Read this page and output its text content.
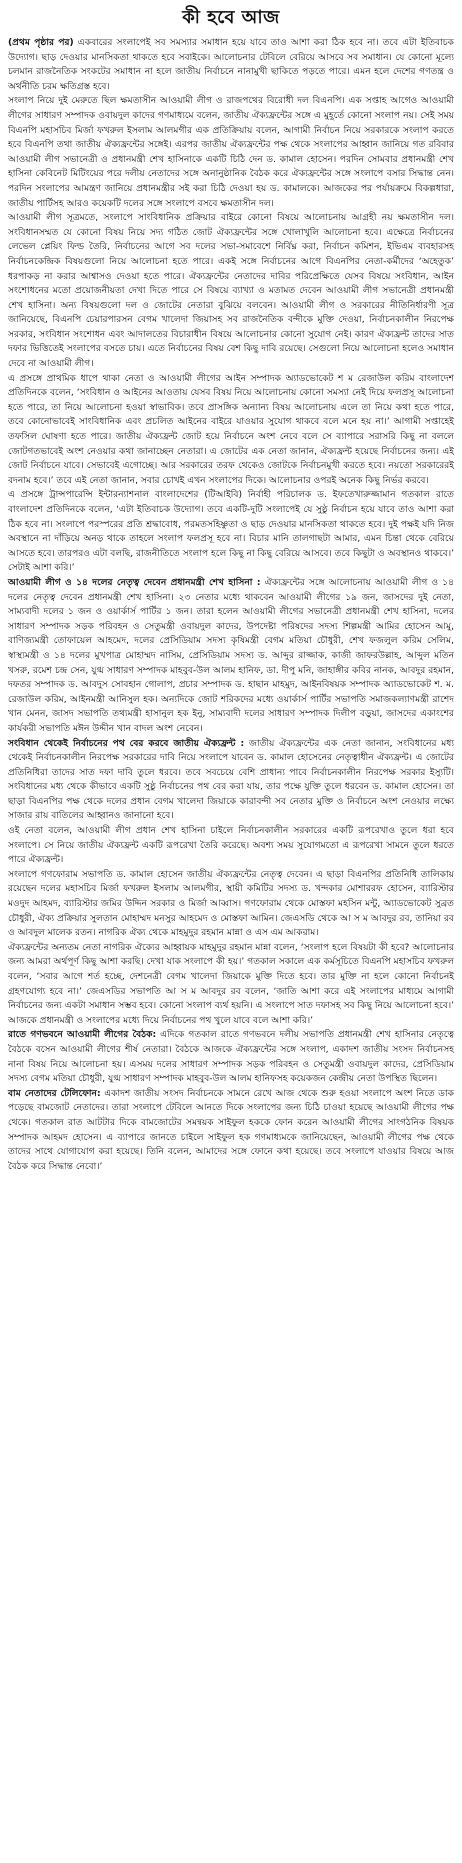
কী হবে আজ

(প্রথম পৃষ্ঠার পর) একবারের সংলাপেই সব সমস্যার সমাধান হয়ে যাবে তাও আশা করা ঠিক হবে না। তবে এটা ইতিবাচক উদ্যোগ। ছাড় দেওয়ার মানসিকতা থাকতে হবে সবাইকে। আলোচনার টেবিলে বেরিয়ে আসবে সব সমাধান। যে কোনো মূল্যে চলমান রাজনৈতিক সংকটের সমাধান না হলে জাতীয় নির্বাচনে নানামুখী ছাকিতে পড়তে পারে। এমন হলে দেশের গণতন্ত্র ও অর্থনীতি চরম ক্ষতিগ্রস্ত হবে।

সংলাপ নিয়ে দুই মেরুতে ছিল ক্ষমতাসীন আওয়ামী লীগ ও রাজপথের বিরোধী দল বিএনপি। এক সপ্তাহ আগেও আওয়ামী লীগের সাধারণ সম্পাদক ওবায়দুল কাদের গণমাধ্যমে বলেন, জাতীয় ঐক্যফ্রন্টের সঙ্গে এ মুহূর্তে কোনো সংলাপ নয়। সেই সময় বিএনপি মহাসচিব মির্জা ফখরুল ইসলাম আলমগীর এক প্রতিক্রিয়ায় বলেন, আগামী নির্বাচন নিয়ে সরকারকে সংলাপ করতে হবে বিএনপি তথা জাতীয় ঐক্যফ্রন্টের সঙ্গেই। এরপর জাতীয় ঐক্যফ্রন্টের পক্ষ থেকে সংলাপের আহ্বান জানিয়ে গত রবিবার আওয়ামী লীগ সভানেত্রী ও প্রধানমন্ত্রী শেখ হাসিনাকে একটি চিঠি দেন ড. কামাল হোসেন। পরদিন সোমবার প্রধানমন্ত্রী শেখ হাসিনা কেবিনেট মিটিংয়ের পরে দলীয় নেতাদের সঙ্গে অনানুষ্ঠানিক বৈঠক করে ঐক্যফ্রন্টের সঙ্গে সংলাপে বসার সিদ্ধান্ত নেন। পরদিন সংলাপের আমন্ত্রণ জানিয়ে প্রধানমন্ত্রীর সই করা চিঠি দেওয়া হয় ড. কামালকে। আজকের পর পর্যায়ক্রমে বিকল্পধারা, জাতীয় পার্টিসহ আরও কয়েকটি দলের সঙ্গে সংলাপে বসবে ক্ষমতাসীন দল।

আওয়ামী লীগ সূত্রমতে, সংলাপে সাংবিধানিক প্রক্রিয়ার বাইরে কোনো বিষয়ে আলোচনায় আগ্রহী নয় ক্ষমতাসীন দল। সংবিধানসম্মত যে কোনো বিষয় নিয়ে সদ্য গঠিত জোট ঐক্যফ্রন্টের সঙ্গে খোলাখুলি আলোচনা হবে। এক্ষেত্রে নির্বাচনের লেভেল প্লেয়িং ফিল্ড তৈরি, নির্বাচনের আগে সব দলের সভা-সমাবেশে নির্বিঘ্ন করা, নির্বাচন কমিশন, ইভিএম ব্যবহারসহ নির্বাচনকেন্দ্রিক বিষয়গুলো নিয়ে আলোচনা হতে পারে। একই সঙ্গে নির্বাচনের আগে বিএনপির নেতা-কর্মীদের ‘অহেতুক’ ধরপাকড় না করার আশ্বাসও দেওয়া হতে পারে। ঐক্যফ্রন্টের নেতাদের দাবির পরিপ্রেক্ষিতে যেসব বিষয়ে সংবিধান, আইন সংশোধনের মতো প্রয়োজনীয়তা দেখা দিতে পারে সে বিষয়ে ব্যাখ্যা ও মতামত দেবেন আওয়ামী লীগ সভানেত্রী প্রধানমন্ত্রী শেখ হাসিনা। অন্য বিষয়গুলো দল ও জোটের নেতারা বুঝিয়ে বলবেন। আওয়ামী লীগ ও সরকারের নীতিনির্ধারণী সূত্র জানিয়েছে, বিএনপি চেয়ারপারসন বেগম খালেদা জিয়াসহ সব রাজনৈতিক বন্দীকে মুক্তি দেওয়া, নির্বাচনকালীন নিরপেক্ষ সরকার, সংবিধান সংশোধন এবং আদালতের বিচারাধীন বিষয়ে আলোচনার কোনো সুযোগ নেই। কারণ ঐক্যফ্রন্ট তাদের সাত দফার ভিত্তিতেই সংলাপের বসতে চায়। এতে নির্বাচনের বিষয় বেশ কিছু দাবি রয়েছে। সেগুলো নিয়ে আলোচনা হলেও সমাধান দেবে না আওয়ামী লীগ।

এ প্রসঙ্গে প্রাথমিক ধাপে থাকা নেতা ও আওয়ামী লীগের আইন সম্পাদক অ্যাডভোকেট শ ম রেজাউল করিম বাংলাদেশ প্রতিদিনকে বলেন, ‘সংবিধান ও আইনের আওতায় যেসব বিষয় নিয়ে আলোচনায় কোনো সমস্যা নেই দিয়ে ফলপ্রসূ আলোচনা হতে পারে, তা নিয়ে আলোচনা হওয়া স্বাভাবিক। তবে প্রাসঙ্গিক অন্যান্য বিষয় আলোচনায় এলে তা নিয়ে কথা হতে পারে, তবে কোনোভাবেই সাংবিধানিক এবং প্রচলিত আইনের বাইরে যাওয়ার সুযোগ থাকবে বলে মনে হয় না।’ আগামী সপ্তাহেই তফসিল ঘোষণা হতে পারে। জাতীয় ঐক্যফ্রন্ট জোট হয়ে নির্বাচনে অংশ নেবে বলে সে ব্যাপারে সরাসরি কিছু না বললে জোটগতভাবেই অংশ নেওয়ার কথা জানাচ্ছেন নেতারা। এ জোটের এক নেতা জানান, ঐক্যফ্রন্ট হয়েছে নির্বাচনের জন্য। এই জোট নির্বাচনে যাবে। সেভাবেই এগোচ্ছে। আর সরকারের তরফ থেকেও জোটকে নির্বাচনমুখী করতে হবে। নয়তো সরকারেরই বদনাম হবে।’ তবে এই নেতা জানান, সবার চোখই এখন সংলাপের দিকে। আলোচনার ওপরই অনেক কিছু নির্ভর করবে।

এ প্রসঙ্গে ট্রান্সপারেন্সি ইন্টারন্যাশনাল বাংলাদেশের (টিআইবি) নির্বাহী পরিচালক ড. ইফতেখারুজ্জামান গতকাল রাতে বাংলাদেশ প্রতিদিনকে বলেন, ‘এটা ইতিবাচক উদ্যোগ। তবে একটি-দুটি সংলাপেই যে সুষ্ঠু নির্বাচন হয়ে যাবে তাও আশা করা ঠিক হবে না। সংলাপে পরস্পরের প্রতি শ্রদ্ধাবোধ, পরমতসহিষ্ণুতা ও ছাড় দেওয়ার মানসিকতা থাকতে হবে। দুই পক্ষই যদি নিজ অবস্থানে না দাঁড়িয়ে অনড় থাকে তাহলে সংলাপ ফলপ্রসূ হবে না। বিচার মানি তালগাছটা আমার, এমন চিন্তা থেকে বেরিয়ে আসতে হবে। তারপরও এটা বলছি, রাজনীতিতে সংলাপ হলে কিছু না কিছু বেরিয়ে আসবে। তবে কিছুটা ও অবস্থানও থাকবে।’ সেটাই আশা করি।’

আওয়ামী লীগ ও ১৪ দলের নেতৃত্ব দেবেন প্রধানমন্ত্রী শেখ হাসিনা : ঐক্যফ্রন্টের সঙ্গে আলোচনায় আওয়ামী লীগ ও ১৪ দলের নেতৃত্ব দেবেন প্রধানমন্ত্রী শেখ হাসিনা। ২৩ নেতার মধ্যে থাকবেন আওয়ামী লীগের ১৯ জন, জাসদের দুই নেতা, সাম্যবাদী দলের ১ জন ও ওয়ার্কার্স পার্টির ১ জন। তারা হলেন আওয়ামী লীগের সভানেত্রী প্রধানমন্ত্রী শেখ হাসিনা, দলের সাধারণ সম্পাদক সড়ক পরিবহন ও সেতুমন্ত্রী ওবায়দুল কাদের, উপদেষ্টা পরিষদের সদস্য শিল্পমন্ত্রী আমির হোসেন আমু, বাণিজ্যমন্ত্রী তোফায়েল আহমেদ, দলের প্রেসিডিয়াম সদস্য কৃষিমন্ত্রী বেগম মতিয়া চৌধুরী, শেখ ফজলুল করিম সেলিম, স্বাস্থ্যমন্ত্রী ও ১৪ দলের মুখপাত্র মোহাম্মদ নাসিম, প্রেসিডিয়াম সদস্য ড. আব্দুর রাজ্জাক, কাজী জাফরউল্লাহ, আব্দুল মতিন খসরু, রমেশ চন্দ্র সেন, যুগ্ম সাধারণ সম্পাদক মাহবুব-উল আলম হানিফ, ডা. দীপু মনি, জাহাঙ্গীর কবির নানক, আবদুর রহমান, দফতর সম্পাদক ড. আবদুস সোবহান গোলাপ, প্রচার সম্পাদক ড. হাছান মাহমুদ, আইনবিষয়ক সম্পাদক অ্যাডভোকেট শ. ম. রেজাউল করিম, আইনমন্ত্রী আনিসুল হক। অন্যদিকে জোট শরিকদের মধ্যে ওয়ার্কার্স পার্টির সভাপতি সমাজকল্যাণমন্ত্রী রাশেদ খান মেনন, জাসদ সভাপতি তথ্যমন্ত্রী হাসানুল হক ইনু, সাম্যবাদী দলের সাধারণ সম্পাদক দিলীপ বড়ুয়া, জাসদের একাংশের কার্যকরী সভাপতি মঈন উদ্দীন খান বাদল অংশ নেবেন।

সংবিধান থেকেই নির্বাচনের পথ বের করবে জাতীয় ঐক্যফ্রন্ট : জাতীয় ঐক্যফ্রন্টের এক নেতা জানান, সংবিধানের মধ্য থেকেই নির্বাচনকালীন নিরপেক্ষ সরকারের দাবি নিয়ে সংলাপে যাবেন ড. কামাল হোসেনের নেতৃত্বাধীন ঐক্যফ্রন্ট। এ জোটের প্রতিনিধিরা তাদের সাত দফা দাবি তুলে ধরবে। তবে সবচেয়ে বেশি প্রাধান্য পাবে নির্বাচনকালীন নিরপেক্ষ সরকার ইস্যুটি। সংবিধানের মধ্য থেকে কীভাবে একটি সুষ্ঠু নির্বাচনের পথ বের করা যায়, তার পক্ষে যুক্তি তুলে ধরবেন ড. কামাল হোসেন। তা ছাড়া বিএনপির পক্ষ থেকে দলের প্রধান বেগম খালেদা জিয়াকে কারাবন্দী সব নেতার মুক্তি ও নির্বাচনে অংশ নেওয়ার লক্ষ্যে সাজার রায় বাতিলের আহ্বানও জানানো হবে।

ওই নেতা বলেন, আওয়ামী লীগ প্রধান শেখ হাসিনা চাইলে নির্বাচনকালীন সরকারের একটি রূপরেখাও তুলে ধরা হবে সংলাপে। সে নিয়ে জাতীয় ঐক্যফ্রন্ট একটি রূপরেখা তৈরি করেছে। অবশ্য সময় সুযোগমতো এ রূপরেখা সামনে তুলে ধরতে পারে ঐক্যফ্রন্ট।

সংলাপে গণফোরাম সভাপতি ড. কামাল হোসেন জাতীয় ঐক্যফ্রন্টের নেতৃত্ব দেবেন। এ ছাড়া বিএনপির প্রতিনিধি তালিকায় রয়েছেন দলের মহাসচিব মির্জা ফখরুল ইসলাম আলমগীর, স্থায়ী কমিটির সদস্য ড. খন্দকার মোশাররফ হোসেন, ব্যারিস্টার মওদুদ আহমদ, ব্যারিস্টার জমির উদ্দিন সরকার ও মির্জা আব্বাস। গণফোরাম থেকে মোস্তফা মহসিন মন্টু, অ্যাডভোকেট সুব্রত চৌধুরী, ঐক্য প্রক্রিয়ার সুলতান মোহাম্মদ মনসুর আহমেদ ও মোস্তফা আমিন। জেএসডি থেকে আ স ম আবদুর রব, তানিয়া রব ও আবদুল মালেক রতন। নাগরিক ঐক্য থেকে মাহমুদুর রহমান মান্না ও এস এম আকরাম।

ঐক্যফ্রন্টের অন্যতম নেতা নাগরিক ঐক্যের আহ্বায়ক মাহমুদুর রহমান মান্না বলেন, ‘সংলাপ হলে বিষয়টা কী হবে? আলোচনার জন্য আমরা অর্থপূর্ণ কিছু আশা করছি। দেখা যাক সংলাপে কী হয়।’ গতকাল সকালে এক কর্মসূচিতে বিএনপি মহাসচিব ফখরুল বলেন, ‘সবার আগে শর্ত হচ্ছে, দেশনেত্রী বেগম খালেদা জিয়াকে মুক্তি দিতে হবে। তার মুক্তি না হলে কোনো নির্বাচনই গ্রহণযোগ্য হবে না।’ জেএসডির সভাপতি আ স ম আবদুর রব বলেন, ‘জাতি আশা করে এই সংলাপের মাধ্যমে আগামী নির্বাচনের জন্য একটা সমাধান সম্ভব হবে। কোনো সংলাপ ব্যর্থ হয়নি। এ সংলাপে সাত দফাসহ সব কিছু নিয়ে আলোচনা হবে।’ আজকে প্রধানমন্ত্রী ও সংলাপের মধ্যে দিয়ে নির্বাচনের পথ খুলে যাবে বলে আশা করি।’

রাতে গণভবনে আওয়ামী লীগের বৈঠক: এদিকে গতকাল রাতে গণভবনে দলীয় সভাপতি প্রধানমন্ত্রী শেখ হাসিনার নেতৃত্বে বৈঠকে বসেন আওয়ামী লীগের শীর্ষ নেতারা। বৈঠকে আজকে ঐক্যফ্রন্টের সঙ্গে সংলাপ, একাদশ জাতীয় সংসদ নির্বাচনসহ নানা বিষয় নিয়ে আলোচনা হয়। এসময় দলের সাধারণ সম্পাদক সড়ক পরিবহন ও সেতুমন্ত্রী ওবায়দুল কাদের, প্রেসিডিয়াম সদস্য বেগম মতিয়া চৌধুরী, যুগ্ম সাধারণ সম্পাদক মাহবুব-উল আলম হানিফসহ কয়েকজন কেন্দ্রীয় নেতা উপস্থিত ছিলেন।

বাম নেতাদের টেলিফোন: একাদশ জাতীয় সংসদ নির্বাচনকে সামনে রেখে আজ থেকে শুরু হওয়া সংলাপে অংশ নিতে ডাক পড়েছে বামজোট নেতাদের। তারা সংলাপে টেবিলে আনতে দিকে সংলাপের জন্য চিঠি চাওয়া হয়েছে আওয়ামী লীগের পক্ষ থেকে। গতকাল রাত আটটার দিকে বামজোটের সমন্বয়ক সাইফুল হককে ফোন করেন আওয়ামী লীগের সাংগঠনিক বিষয়ক সম্পাদক আহমদ হোসেন। এ ব্যাপারে জানতে চাইলে সাইফুল হক গণমাধ্যমকে জানিয়েছেন, আওয়ামী লীগের পক্ষ থেকে তাদের সাথে যোগাযোগ করা হয়েছে। তিনি বলেন, আমাদের সঙ্গে ফোনে কথা হয়েছে। তবে সংলাপে যাওয়ার বিষয়ে আজ বৈঠক করে সিদ্ধান্ত নেবো।’
